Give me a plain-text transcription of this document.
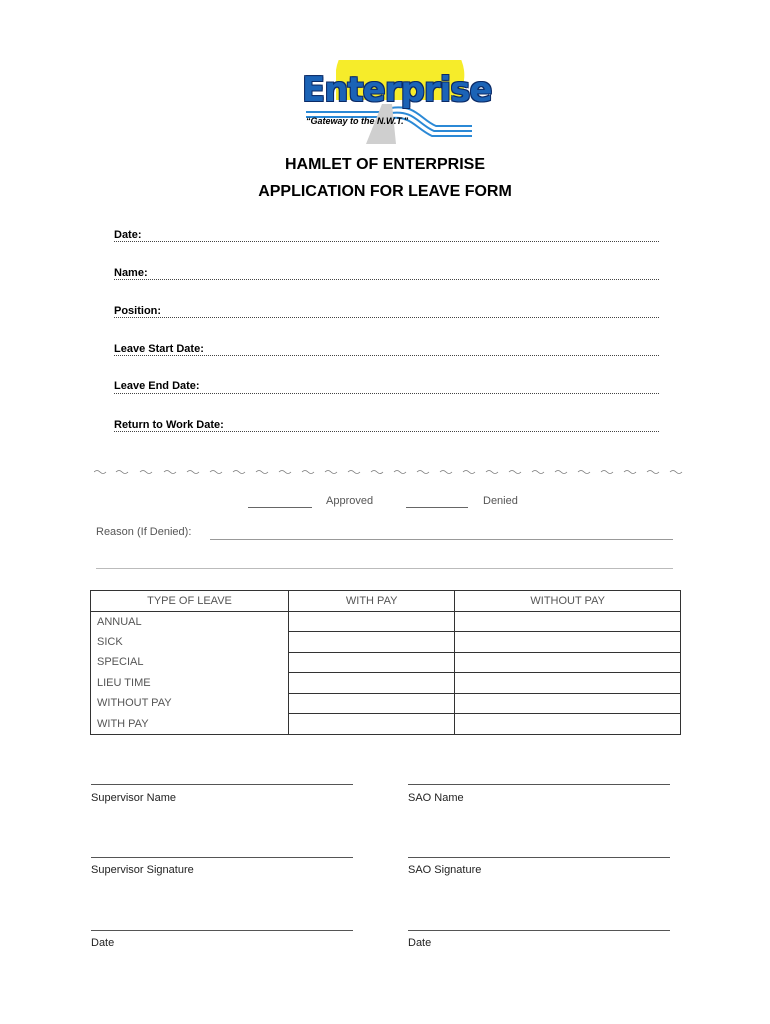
Enterprise
“Gateway to the N.W.T.”
HAMLET OF ENTERPRISE
APPLICATION FOR LEAVE FORM
Date:
Name:
Position:
Leave Start Date:
Leave End Date:
Return to Work Date:
Approved	Denied
Reason (If Denied):
TYPE OF LEAVE	WITH PAY	WITHOUT PAY
ANNUAL		
SICK		
SPECIAL		
LIEU TIME		
WITHOUT PAY		
WITH PAY		
Supervisor Name	SAO Name
Supervisor Signature	SAO Signature
Date	Date
